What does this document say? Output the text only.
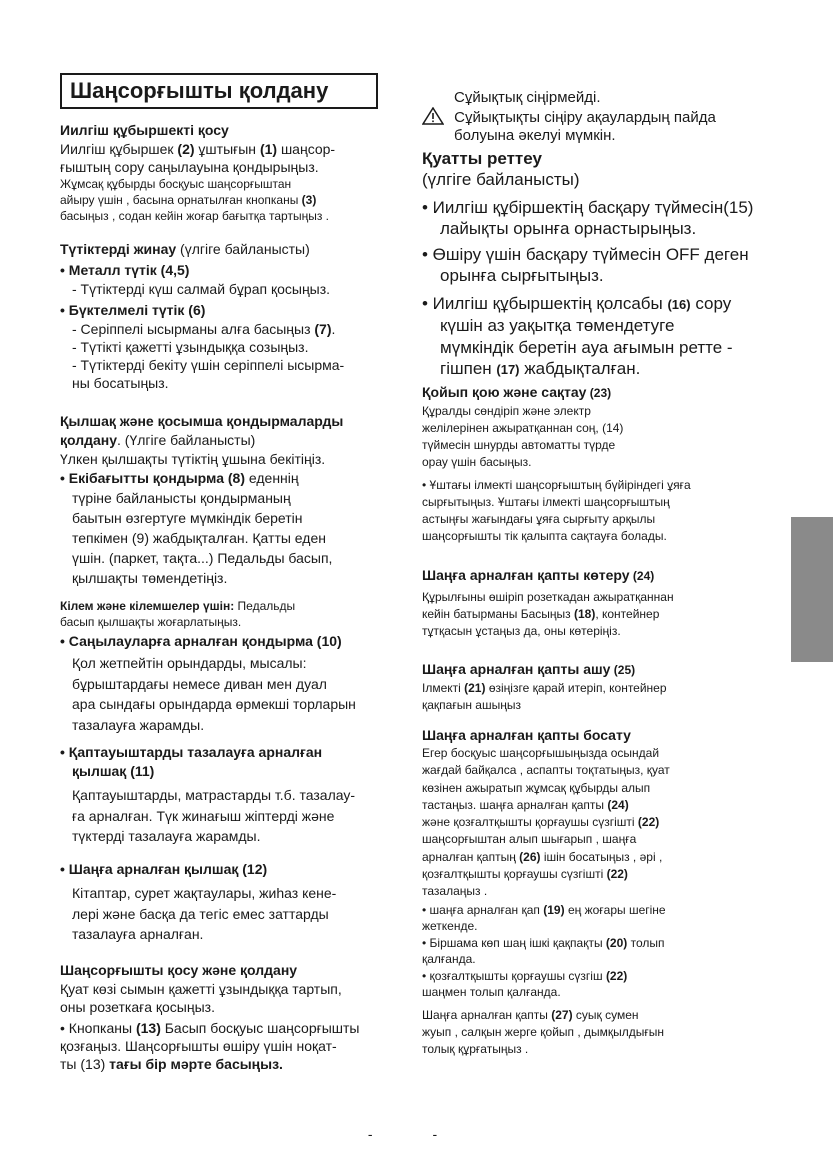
Шаңсорғышты қолдану
Иилгіш құбыршекті қосу
Иилгіш құбыршек (2) ұштығын (1) шаңсор-
ғыштың сору саңылауына қондырыңыз.
Жұмсақ құбырды босқуыс шаңсорғыштан
айыру үшін , басына орнатылған кнопканы (3)
басыңыз , содан кейін жоғар бағытқа тартыңыз .
Түтіктерді жинау (үлгіге байланысты)
• Металл түтік (4,5)
- Түтіктерді күш салмай бұрап қосыңыз.
• Бүктелмелі түтік (6)
- Серіппелі ысырманы алға басыңыз (7).
- Түтікті қажетті ұзындыққа созыңыз.
- Түтіктерді бекіту үшін серіппелі ысырма-
ны босатыңыз.
Қылшақ және қосымша қондырмаларды
қолдану. (Үлгіге байланысты)
Үлкен қылшақты түтіктің ұшына бекітіңіз.
• Екібағытты қондырма (8) еденнің
түріне байланысты қондырманың
баытын өзгертуге мүмкіндік беретін
тепкімен (9) жабдықталған. Қатты еден
үшін. (паркет, тақта...) Педальды басып,
қылшақты төмендетіңіз.
Кілем және кілемшелер үшін: Педальды
басып қылшақты жоғарлатыңыз.
• Саңылауларға арналған қондырма (10)
Қол жетпейтін орындарды, мысалы:
бұрыштардағы немесе диван мен дуал
ара сындағы орындарда өрмекші торларын
тазалауға жарамды.
• Қаптауыштарды тазалауға арналған
қылшақ (11)
Қаптауыштарды, матрастарды т.б. тазалау-
ға арналған. Түк жинағыш жіптерді және
түктерді тазалауға жарамды.
• Шаңға арналған қылшақ (12)
Кітаптар, сурет жақтаулары, жиһаз кене-
лері және басқа да тегіс емес заттарды
тазалауға арналған.
Шаңсорғышты қосу және қолдану
Қуат көзі сымын қажетті ұзындыққа тартып,
оны розеткаға қосыңыз.
• Кнопканы (13) Басып босқуыс шаңсорғышты
қозғаңыз. Шаңсорғышты өшіру үшін ноқат-
ты (13) тағы бір мәрте басыңыз.
Сұйықтық сіңірмейді.
Сұйықтықты сіңіру ақаулардың пайда
болуына әкелуі мүмкін.
Қуатты реттеу
(үлгіге байланысты)
• Иилгіш құбіршектің басқару түймесін(15)
лайықты орынға орнастырыңыз.
• Өшіру үшін басқару түймесін OFF деген
орынға сырғытыңыз.
• Иилгіш құбыршектің қолсабы (16) сору
күшін аз уақытқа төмендетуге
мүмкіндік беретін ауа ағымын ретте -
гішпен (17) жабдықталған.
Қойып қою және сақтау (23)
Құралды сөндіріп және электр
желілерінен ажыратқаннан соң, (14)
түймесін шнурды автоматты түрде
орау үшін басыңыз.
• Ұштағы ілмекті шаңсорғыштың бүйіріндегі ұяға
сырғытыңыз. Ұштағы ілмекті шаңсорғыштың
астыңғы жағындағы ұяға сырғыту арқылы
шаңсорғышты тік қалыпта сақтауға болады.
Шаңға арналған қапты көтеру (24)
Құрылғыны өшіріп розеткадан ажыратқаннан
кейін батырманы Басыңыз (18), контейнер
тұтқасын ұстаңыз да, оны көтеріңіз.
Шаңға арналған қапты ашу (25)
Ілмекті (21) өзіңізге қарай итеріп, контейнер
қақпағын ашыңыз
Шаңға арналған қапты босату
Егер босқуыс шаңсорғышыңызда осындай
жағдай байқалса , аспапты тоқтатыңыз, қуат
көзінен ажыратып жұмсақ құбырды алып
тастаңыз. шаңға арналған қапты (24)
және қозғалтқышты қорғаушы сүзгішті (22)
шаңсорғыштан алып шығарып , шаңға
арналған қаптың (26) ішін босатыңыз , әрі ,
қозғалтқышты қорғаушы сүзгішті (22)
тазалаңыз .
• шаңға арналған қап (19) ең жоғары шегіне
жеткенде.
• Біршама көп шаң ішкі қақпақты (20) толып
қалғанда.
• қозғалтқышты қорғаушы сүзгіш (22)
шаңмен толып қалғанда.
Шаңға арналған қапты (27) суық сумен
жуып , салқын жерге қойып , дымқылдығын
толық құрғатыңыз .
- -
